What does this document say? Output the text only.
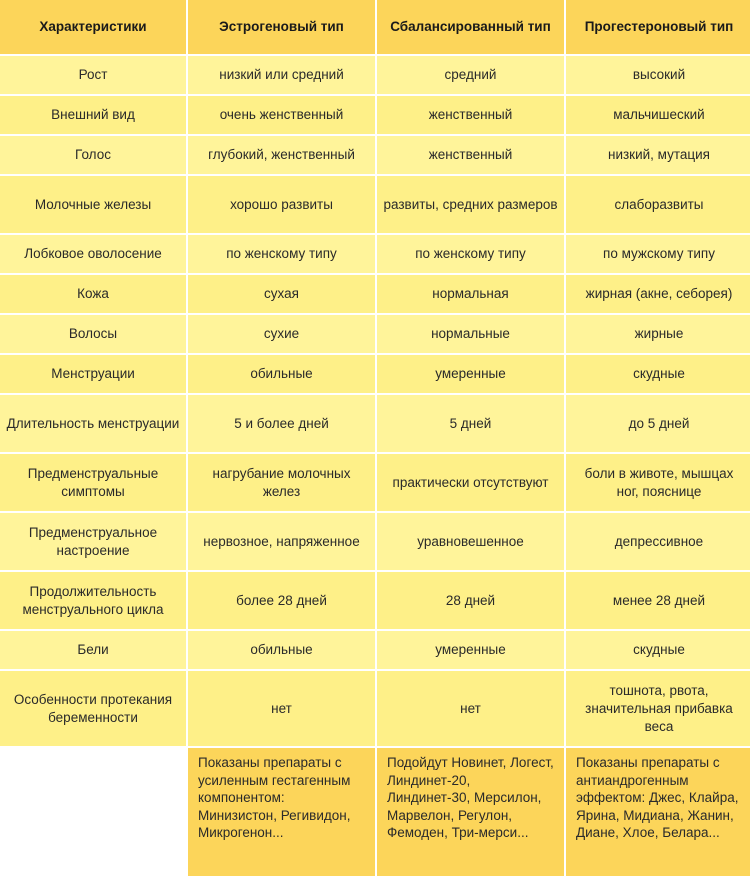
Характеристики	Эстрогеновый тип	Сбалансированный тип	Прогестероновый тип
Рост	низкий или средний	средний	высокий
Внешний вид	очень женственный	женственный	мальчишеский
Голос	глубокий, женственный	женственный	низкий, мутация
Молочные железы	хорошо развиты	развиты, средних размеров	слаборазвиты
Лобковое оволосение	по женскому типу	по женскому типу	по мужскому типу
Кожа	сухая	нормальная	жирная (акне, себорея)
Волосы	сухие	нормальные	жирные
Менструации	обильные	умеренные	скудные
Длительность менструации	5 и более дней	5 дней	до 5 дней
Предменструальные симптомы	нагрубание молочных желез	практически отсутствуют	боли в животе, мышцах ног, пояснице
Предменструальное настроение	нервозное, напряженное	уравновешенное	депрессивное
Продолжительность менструального цикла	более 28 дней	28 дней	менее 28 дней
Бели	обильные	умеренные	скудные
Особенности протекания беременности	нет	нет	тошнота, рвота, значительная прибавка веса
	Показаны препараты с усиленным гестагенным компонентом: Минизистон, Регивидон, Микрогенон...	Подойдут Новинет, Логест, Линдинет-20, Линдинет-30, Мерсилон, Марвелон, Регулон, Фемоден, Три-мерси...	Показаны препараты с антиандрогенным эффектом: Джес, Клайра, Ярина, Мидиана, Жанин, Диане, Хлое, Белара...
